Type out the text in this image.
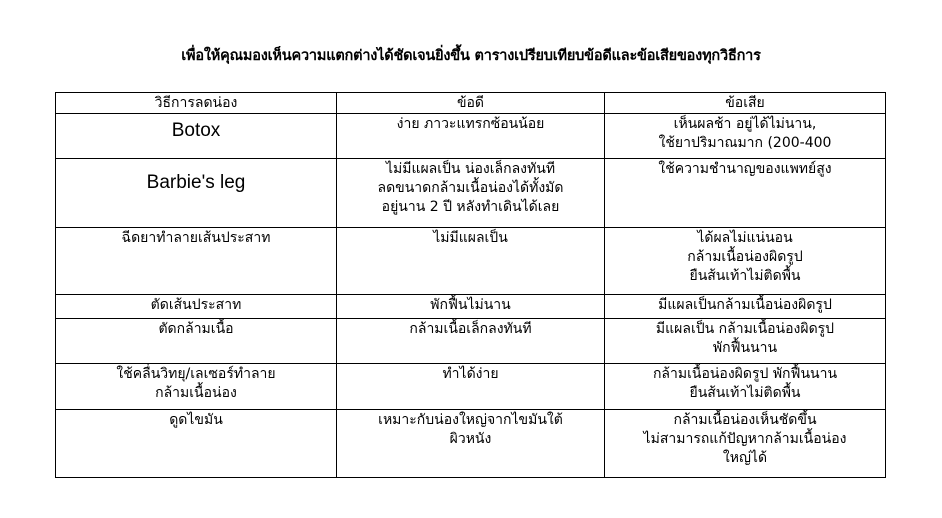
เพื่อให้คุณมองเห็นความแตกต่างได้ชัดเจนยิ่งขึ้น ตารางเปรียบเทียบข้อดีและข้อเสียของทุกวิธีการ
วิธีการลดน่อง	ข้อดี	ข้อเสีย

Botox	ง่าย ภาวะแทรกซ้อนน้อย	เห็นผลช้า อยู่ได้ไม่นาน,
ใช้ยาปริมาณมาก (200-400

Barbie's leg	ไม่มีแผลเป็น น่องเล็กลงทันที
ลดขนาดกล้ามเนื้อน่องได้ทั้งมัด
อยู่นาน 2 ปี หลังทำเดินได้เลย	ใช้ความชำนาญของแพทย์สูง

ฉีดยาทำลายเส้นประสาท	ไม่มีแผลเป็น	ได้ผลไม่แน่นอน
กล้ามเนื้อน่องผิดรูป
ยืนส้นเท้าไม่ติดพื้น

ตัดเส้นประสาท	พักฟื้นไม่นาน	มีแผลเป็นกล้ามเนื้อน่องผิดรูป

ตัดกล้ามเนื้อ	กล้ามเนื้อเล็กลงทันที	มีแผลเป็น กล้ามเนื้อน่องผิดรูป
พักฟื้นนาน

ใช้คลื่นวิทยุ/เลเซอร์ทำลาย
กล้ามเนื้อน่อง	ทำได้ง่าย	กล้ามเนื้อน่องผิดรูป พักฟื้นนาน
ยืนส้นเท้าไม่ติดพื้น

ดูดไขมัน	เหมาะกับน่องใหญ่จากไขมันใต้
ผิวหนัง	กล้ามเนื้อน่องเห็นชัดขึ้น
ไม่สามารถแก้ปัญหากล้ามเนื้อน่อง
ใหญ่ได้
